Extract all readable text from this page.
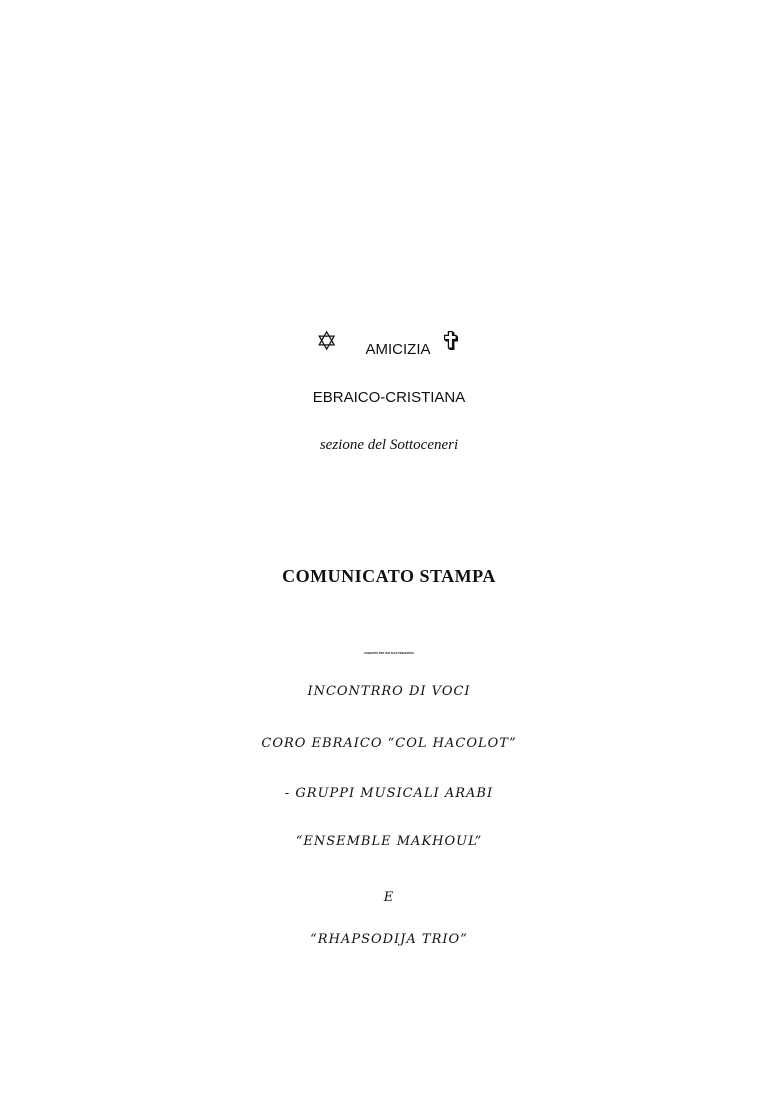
✡ AMICIZIA ✞
EBRAICO-CRISTIANA
sezione del Sottoceneri
COMUNICATO STAMPA
CONCERTO PER UNA PACE PREVENTIVA
INCONTRRO DI VOCI
CORO EBRAICO “COL HACOLOT”
- GRUPPI MUSICALI ARABI
“ENSEMBLE MAKHOUL”
E
“RHAPSODIJA TRIO”
